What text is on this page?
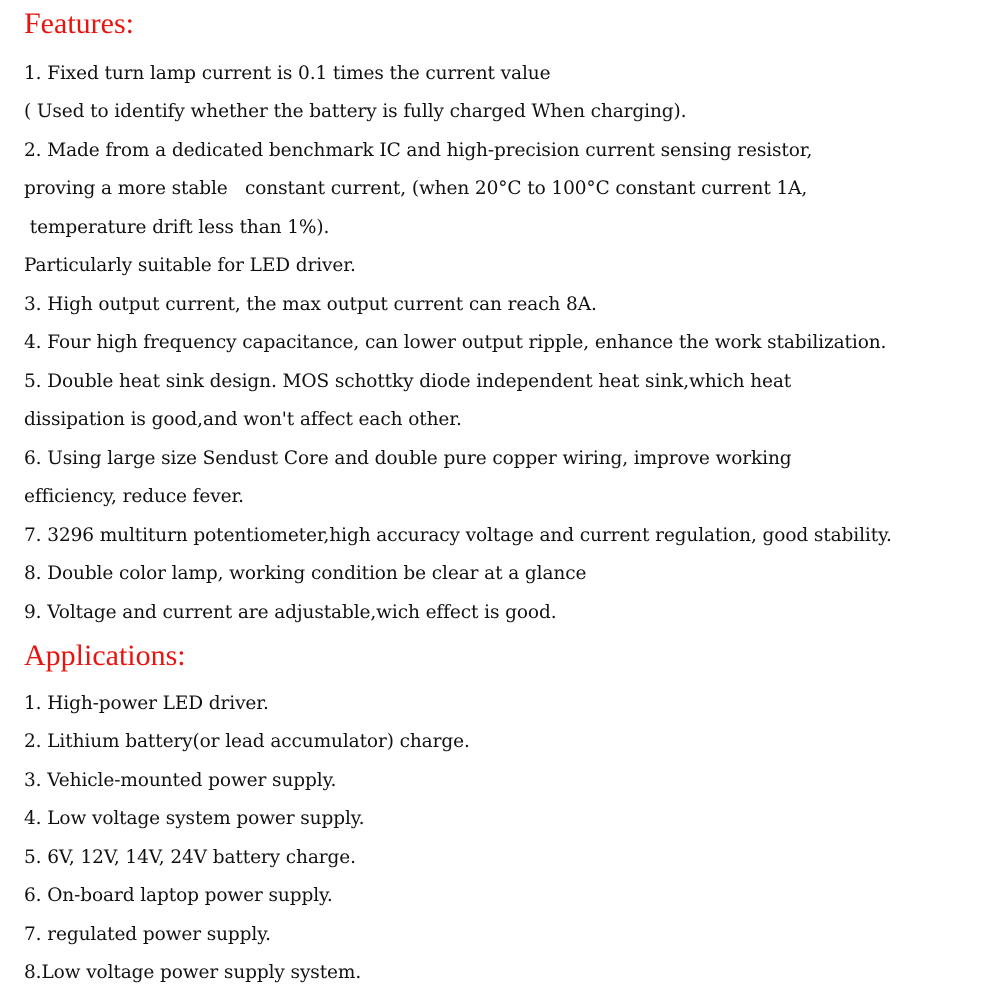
Features:

1. Fixed turn lamp current is 0.1 times the current value

( Used to identify whether the battery is fully charged When charging).

2. Made from a dedicated benchmark IC and high-precision current sensing resistor,

proving a more stable   constant current, (when 20°C to 100°C constant current 1A,

temperature drift less than 1%).

Particularly suitable for LED driver.

3. High output current, the max output current can reach 8A.

4. Four high frequency capacitance, can lower output ripple, enhance the work stabilization.

5. Double heat sink design. MOS schottky diode independent heat sink,which heat

dissipation is good,and won't affect each other.

6. Using large size Sendust Core and double pure copper wiring, improve working

efficiency, reduce fever.

7. 3296 multiturn potentiometer,high accuracy voltage and current regulation, good stability.

8. Double color lamp, working condition be clear at a glance

9. Voltage and current are adjustable,wich effect is good.

Applications:

1. High-power LED driver.

2. Lithium battery(or lead accumulator) charge.

3. Vehicle-mounted power supply.

4. Low voltage system power supply.

5. 6V, 12V, 14V, 24V battery charge.

6. On-board laptop power supply.

7. regulated power supply.

8.Low voltage power supply system.
